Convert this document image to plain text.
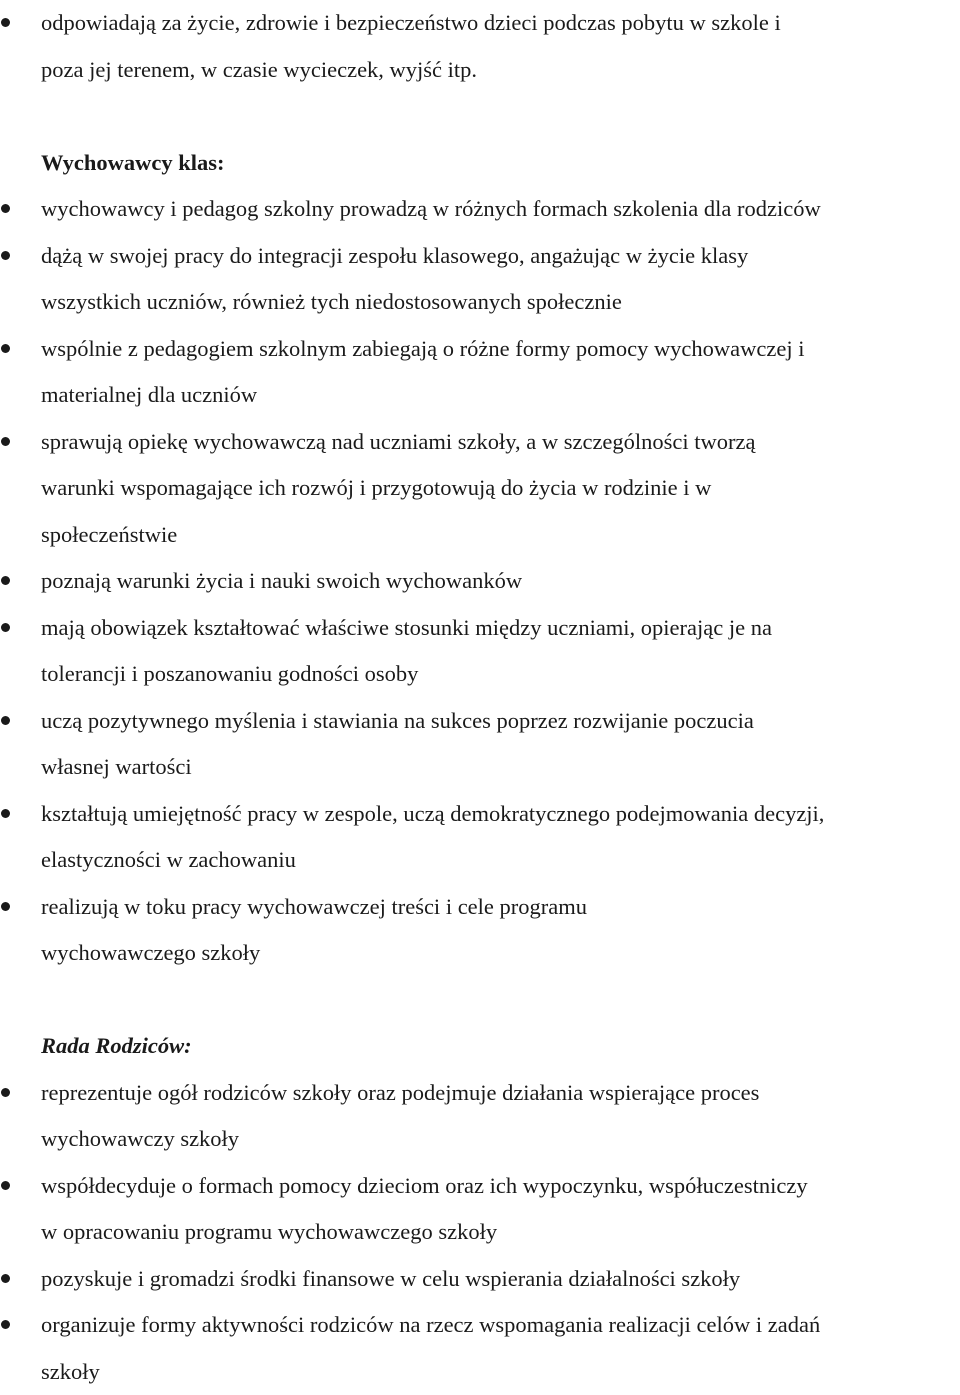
odpowiadają za życie, zdrowie i bezpieczeństwo dzieci podczas pobytu w szkole i
poza jej terenem, w czasie wycieczek, wyjść itp.

Wychowawcy klas:

wychowawcy i pedagog szkolny prowadzą w różnych formach szkolenia dla rodziców
dążą w swojej pracy do integracji zespołu klasowego, angażując w życie klasy
wszystkich uczniów, również tych niedostosowanych społecznie
wspólnie z pedagogiem szkolnym zabiegają o różne formy pomocy wychowawczej i
materialnej dla uczniów
sprawują opiekę wychowawczą nad uczniami szkoły, a w szczególności tworzą
warunki wspomagające ich rozwój i przygotowują do życia w rodzinie i w
społeczeństwie
poznają warunki życia i nauki swoich wychowanków
mają obowiązek kształtować właściwe stosunki między uczniami, opierając je na
tolerancji i poszanowaniu godności osoby
uczą pozytywnego myślenia i stawiania na sukces poprzez rozwijanie poczucia
własnej wartości
kształtują umiejętność pracy w zespole, uczą demokratycznego podejmowania decyzji,
elastyczności w zachowaniu
realizują w toku pracy wychowawczej treści i cele programu
wychowawczego szkoły

Rada Rodziców:

reprezentuje ogół rodziców szkoły oraz podejmuje działania wspierające proces
wychowawczy szkoły
współdecyduje o formach pomocy dzieciom oraz ich wypoczynku, współuczestniczy
w opracowaniu programu wychowawczego szkoły
pozyskuje i gromadzi środki finansowe w celu wspierania działalności szkoły
organizuje formy aktywności rodziców na rzecz wspomagania realizacji celów i zadań
szkoły
